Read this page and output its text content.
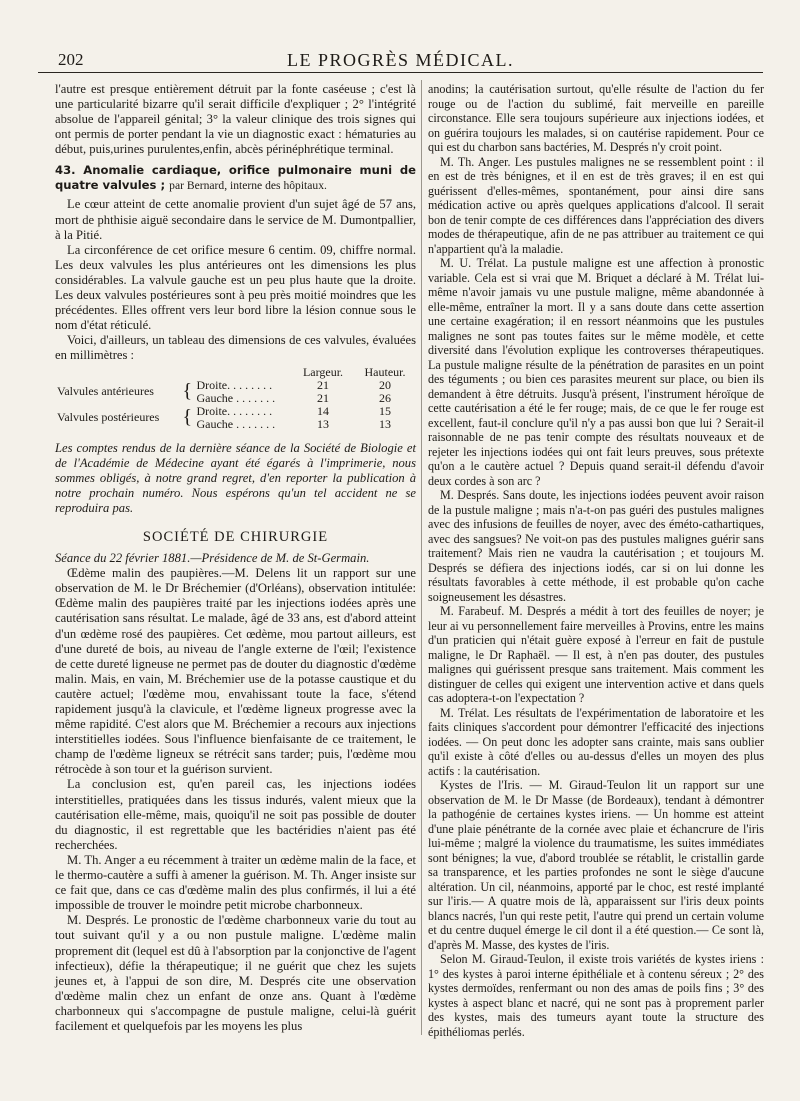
202	LE PROGRÈS MÉDICAL.

l'autre est presque entièrement détruit par la fonte caséeuse ; c'est là une particularité bizarre qu'il serait difficile d'expliquer ; 2° l'intégrité absolue de l'appareil génital; 3° la valeur clinique des trois signes qui ont permis de porter pendant la vie un diagnostic exact : hématuries au début, puis,urines purulentes,enfin, abcès périnéphrétique terminal.

43. Anomalie cardiaque, orifice pulmonaire muni de quatre valvules ; par Bernard, interne des hôpitaux.

Le cœur atteint de cette anomalie provient d'un sujet âgé de 57 ans, mort de phthisie aiguë secondaire dans le service de M. Dumontpallier, à la Pitié.

La circonférence de cet orifice mesure 6 centim. 09, chiffre normal. Les deux valvules les plus antérieures ont les dimensions les plus considérables. La valvule gauche est un peu plus haute que la droite. Les deux valvules postérieures sont à peu près moitié moindres que les précédentes. Elles offrent vers leur bord libre la lésion connue sous le nom d'état réticulé.

Voici, d'ailleurs, un tableau des dimensions de ces valvules, évaluées en millimètres :

			Largeur.	Hauteur.
Valvules antérieures	{	Droite. . . . . . . .	21	20
		Gauche . . . . . . .	21	26
Valvules postérieures	{	Droite. . . . . . . .	14	15
		Gauche . . . . . . .	13	13

Les comptes rendus de la dernière séance de la Société de Biologie et de l'Académie de Médecine ayant été égarés à l'imprimerie, nous sommes obligés, à notre grand regret, d'en reporter la publication à notre prochain numéro. Nous espérons qu'un tel accident ne se reproduira pas.

SOCIÉTÉ DE CHIRURGIE

Séance du 22 février 1881.—Présidence de M. de St-Germain.

Œdème malin des paupières.—M. Delens lit un rapport sur une observation de M. le Dr Bréchemier (d'Orléans), observation intitulée: Œdème malin des paupières traité par les injections iodées après une cautérisation sans résultat. Le malade, âgé de 33 ans, est d'abord atteint d'un œdème rosé des paupières. Cet œdème, mou partout ailleurs, est d'une dureté de bois, au niveau de l'angle externe de l'œil; l'existence de cette dureté ligneuse ne permet pas de douter du diagnostic d'œdème malin. Mais, en vain, M. Bréchemier use de la potasse caustique et du cautère actuel; l'œdème mou, envahissant toute la face, s'étend rapidement jusqu'à la clavicule, et l'œdème ligneux progresse avec la même rapidité. C'est alors que M. Bréchemier a recours aux injections interstitielles iodées. Sous l'influence bienfaisante de ce traitement, le champ de l'œdème ligneux se rétrécit sans tarder; puis, l'œdème mou rétrocède à son tour et la guérison survient.

La conclusion est, qu'en pareil cas, les injections iodées interstitielles, pratiquées dans les tissus indurés, valent mieux que la cautérisation elle-même, mais, quoiqu'il ne soit pas possible de douter du diagnostic, il est regrettable que les bactéridies n'aient pas été recherchées.

M. Th. Anger a eu récemment à traiter un œdème malin de la face, et le thermo-cautère a suffi à amener la guérison. M. Th. Anger insiste sur ce fait que, dans ce cas d'œdème malin des plus confirmés, il lui a été impossible de trouver le moindre petit microbe charbonneux.

M. Després. Le pronostic de l'œdème charbonneux varie du tout au tout suivant qu'il y a ou non pustule maligne. L'œdème malin proprement dit (lequel est dû à l'absorption par la conjonctive de l'agent infectieux), défie la thérapeutique; il ne guérit que chez les sujets jeunes et, à l'appui de son dire, M. Després cite une observation d'œdème malin chez un enfant de onze ans. Quant à l'œdème charbonneux qui s'accompagne de pustule maligne, celui-là guérit facilement et quelquefois par les moyens les plus

anodins; la cautérisation surtout, qu'elle résulte de l'action du fer rouge ou de l'action du sublimé, fait merveille en pareille circonstance. Elle sera toujours supérieure aux injections iodées, et on guérira toujours les malades, si on cautérise rapidement. Pour ce qui est du charbon sans bactéries, M. Després n'y croit point.

M. Th. Anger. Les pustules malignes ne se ressemblent point : il en est de très bénignes, et il en est de très graves; il en est qui guérissent d'elles-mêmes, spontanément, pour ainsi dire sans médication active ou après quelques applications d'alcool. Il serait bon de tenir compte de ces différences dans l'appréciation des divers modes de thérapeutique, afin de ne pas attribuer au traitement ce qui n'appartient qu'à la maladie.

M. U. Trélat. La pustule maligne est une affection à pronostic variable. Cela est si vrai que M. Briquet a déclaré à M. Trélat lui-même n'avoir jamais vu une pustule maligne, même abandonnée à elle-même, entraîner la mort. Il y a sans doute dans cette assertion une certaine exagération; il en ressort néanmoins que les pustules malignes ne sont pas toutes faites sur le même modèle, et cette diversité dans l'évolution explique les controverses thérapeutiques. La pustule maligne résulte de la pénétration de parasites en un point des téguments ; ou bien ces parasites meurent sur place, ou bien ils demandent à être détruits. Jusqu'à présent, l'instrument héroïque de cette cautérisation a été le fer rouge; mais, de ce que le fer rouge est excellent, faut-il conclure qu'il n'y a pas aussi bon que lui ? Serait-il raisonnable de ne pas tenir compte des résultats nouveaux et de rejeter les injections iodées qui ont fait leurs preuves, sous prétexte qu'on a le cautère actuel ? Depuis quand serait-il défendu d'avoir deux cordes à son arc ?

M. Després. Sans doute, les injections iodées peuvent avoir raison de la pustule maligne ; mais n'a-t-on pas guéri des pustules malignes avec des infusions de feuilles de noyer, avec des éméto-cathartiques, avec des sangsues? Ne voit-on pas des pustules malignes guérir sans traitement? Mais rien ne vaudra la cautérisation ; et toujours M. Després se défiera des injections iodés, car si on lui donne les résultats favorables à cette méthode, il est probable qu'on cache soigneusement les désastres.

M. Farabeuf. M. Després a médit à tort des feuilles de noyer; je leur ai vu personnellement faire merveilles à Provins, entre les mains d'un praticien qui n'était guère exposé à l'erreur en fait de pustule maligne, le Dr Raphaël. — Il est, à n'en pas douter, des pustules malignes qui guérissent presque sans traitement. Mais comment les distinguer de celles qui exigent une intervention active et dans quels cas adoptera-t-on l'expectation ?

M. Trélat. Les résultats de l'expérimentation de laboratoire et les faits cliniques s'accordent pour démontrer l'efficacité des injections iodées. — On peut donc les adopter sans crainte, mais sans oublier qu'il existe à côté d'elles ou au-dessus d'elles un moyen des plus actifs : la cautérisation.

Kystes de l'Iris. — M. Giraud-Teulon lit un rapport sur une observation de M. le Dr Masse (de Bordeaux), tendant à démontrer la pathogénie de certaines kystes iriens. — Un homme est atteint d'une plaie pénétrante de la cornée avec plaie et échancrure de l'iris lui-même ; malgré la violence du traumatisme, les suites immédiates sont bénignes; la vue, d'abord troublée se rétablit, le cristallin garde sa transparence, et les parties profondes ne sont le siège d'aucune altération. Un cil, néanmoins, apporté par le choc, est resté implanté sur l'iris.— A quatre mois de là, apparaissent sur l'iris deux points blancs nacrés, l'un qui reste petit, l'autre qui prend un certain volume et du centre duquel émerge le cil dont il a été question.— Ce sont là, d'après M. Masse, des kystes de l'iris.

Selon M. Giraud-Teulon, il existe trois variétés de kystes iriens : 1° des kystes à paroi interne épithéliale et à contenu séreux ; 2° des kystes dermoïdes, renfermant ou non des amas de poils fins ; 3° des kystes à aspect blanc et nacré, qui ne sont pas à proprement parler des kystes, mais des tumeurs ayant toute la structure des épithéliomas perlés.
